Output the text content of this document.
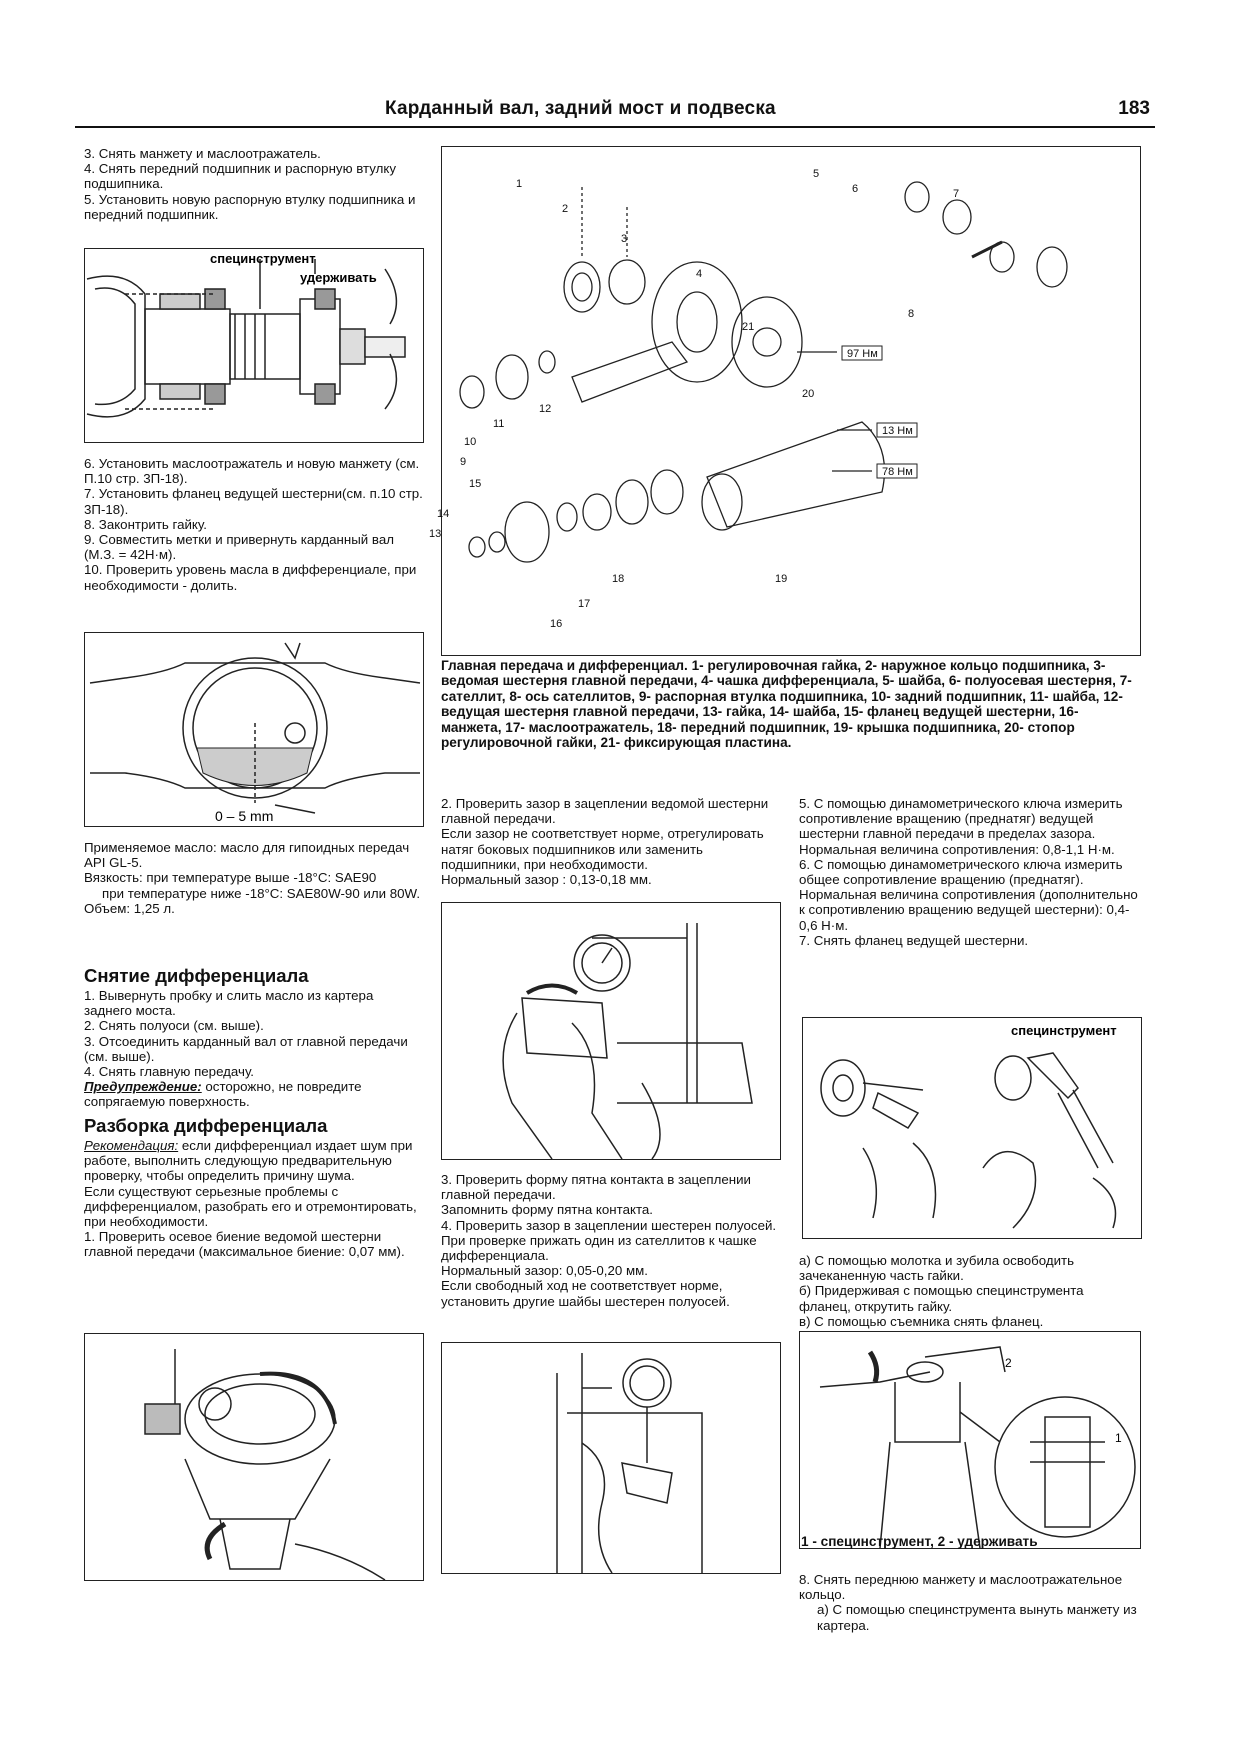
Карданный вал, задний мост и подвеска	183

3. Снять манжету и маслоотражатель.

4. Снять передний подшипник и распорную втулку подшипника.

5. Установить новую распорную втулку подшипника и передний подшипник.

специнструмент
удерживать

6. Установить маслоотражатель и новую манжету (см. П.10 стр. 3П-18).

7. Установить фланец ведущей шестерни(см. п.10 стр. 3П-18).

8. Законтрить гайку.

9. Совместить метки и привернуть карданный вал (М.З. = 42Н·м).

10. Проверить уровень масла в дифференциале, при необходимости - долить.

0 – 5 mm

Применяемое масло: масло для гипоидных передач API GL-5.

Вязкость: при температуре выше -18°С: SAE90

при температуре ниже -18°С: SAE80W-90 или 80W.

Объем: 1,25 л.

Снятие дифференциала

1. Вывернуть пробку и слить масло из картера заднего моста.

2. Снять полуоси (см. выше).

3. Отсоединить карданный вал от главной передачи (см. выше).

4. Снять главную передачу.

Предупреждение: осторожно, не повредите сопрягаемую поверхность.

Разборка дифференциала

Рекомендация: если дифференциал издает шум при работе, выполнить следующую предварительную проверку, чтобы определить причину шума.

Если существуют серьезные проблемы с дифференциалом, разобрать его и отремонтировать, при необходимости.

1. Проверить осевое биение ведомой шестерни главной передачи (максимальное биение: 0,07 мм).

1
2
3
4
5
6	7
8
9
10
11
12
13
14
15
16
17
18	19
20
21
97 Нм
13 Нм
78 Нм
Главная передача и дифференциал. 1- регулировочная гайка, 2- наружное кольцо подшипника, 3- ведомая шестерня главной передачи, 4- чашка дифференциала, 5- шайба, 6- полуосевая шестерня, 7- сателлит, 8- ось сателлитов, 9- распорная втулка подшипника, 10- задний подшипник, 11- шайба, 12- ведущая шестерня главной передачи, 13- гайка, 14- шайба, 15- фланец ведущей шестерни, 16- манжета, 17- маслоотражатель, 18- передний подшипник, 19- крышка подшипника, 20- стопор регулировочной гайки, 21- фиксирующая пластина.

2. Проверить зазор в зацеплении ведомой шестерни главной передачи.

Если зазор не соответствует норме, отрегулировать натяг боковых подшипников или заменить подшипники, при необходимости.

Нормальный зазор : 0,13-0,18 мм.

3. Проверить форму пятна контакта в зацеплении главной передачи.

Запомнить форму пятна контакта.

4. Проверить зазор в зацеплении шестерен полуосей.

При проверке прижать один из сателлитов к чашке дифференциала.

Нормальный зазор: 0,05-0,20 мм.

Если свободный ход не соответствует норме, установить другие шайбы шестерен полуосей.

5. С помощью динамометрического ключа измерить сопротивление вращению (преднатяг) ведущей шестерни главной передачи в пределах зазора.

Нормальная величина сопротивления: 0,8-1,1 Н·м.

6. С помощью динамометрического ключа измерить общее сопротивление вращению (преднатяг).

Нормальная величина сопротивления (дополнительно к сопротивлению вращению ведущей шестерни): 0,4-0,6 Н·м.

7. Снять фланец ведущей шестерни.

специнструмент

а) С помощью молотка и зубила освободить зачеканенную часть гайки.

б) Придерживая с помощью специнструмента фланец, открутить гайку.

в) С помощью съемника снять фланец.

2
1
1 - специнструмент, 2 - удерживать

8. Снять переднюю манжету и маслоотражательное кольцо.

а) С помощью специнструмента вынуть манжету из картера.
